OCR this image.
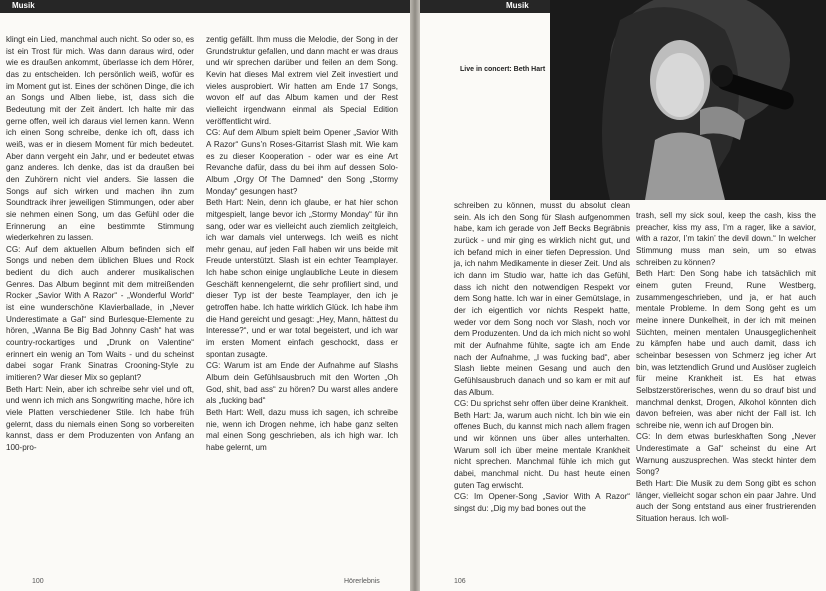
Musik

klingt ein Lied, manchmal auch nicht. So oder so, es ist ein Trost für mich. Was dann daraus wird, oder wie es draußen ankommt, überlasse ich dem Hörer, das zu entscheiden. Ich persönlich weiß, wofür es im Moment gut ist. Eines der schönen Dinge, die ich an Songs und Alben liebe, ist, dass sich die Bedeutung mit der Zeit ändert. Ich halte mir das gerne offen, weil ich daraus viel lernen kann. Wenn ich einen Song schreibe, denke ich oft, dass ich weiß, was er in diesem Moment für mich bedeutet. Aber dann vergeht ein Jahr, und er bedeutet etwas ganz anderes. Ich denke, das ist da draußen bei den Zuhörern nicht viel anders. Sie lassen die Songs auf sich wirken und machen ihn zum Soundtrack ihrer jeweiligen Stimmungen, oder aber sie nehmen einen Song, um das Gefühl oder die Erinnerung an eine bestimmte Stimmung wiederkehren zu lassen.

CG: Auf dem aktuellen Album befinden sich elf Songs und neben dem üblichen Blues und Rock bedient du dich auch anderer musikalischen Genres. Das Album beginnt mit dem mitreißenden Rocker „Savior With A Razor“ - „Wonderful World“ ist eine wunderschöne Klavierballade, in „Never Underestimate a Gal“ sind Burlesque-Elemente zu hören, „Wanna Be Big Bad Johnny Cash“ hat was country-rockartiges und „Drunk on Valentine“ erinnert ein wenig an Tom Waits - und du scheinst dabei sogar Frank Sinatras Crooning-Style zu imitieren? War dieser Mix so geplant?

Beth Hart: Nein, aber ich schreibe sehr viel und oft, und wenn ich mich ans Songwriting mache, höre ich viele Platten verschiedener Stile. Ich habe früh gelernt, dass du niemals einen Song so vorbereiten kannst, dass er dem Produzenten von Anfang an 100-pro-

zentig gefällt. Ihm muss die Melodie, der Song in der Grundstruktur gefallen, und dann macht er was draus und wir sprechen darüber und feilen an dem Song. Kevin hat dieses Mal extrem viel Zeit investiert und vieles ausprobiert. Wir hatten am Ende 17 Songs, wovon elf auf das Album kamen und der Rest vielleicht irgendwann einmal als Special Edition veröffentlicht wird.

CG: Auf dem Album spielt beim Opener „Savior With A Razor“ Guns’n Roses-Gitarrist Slash mit. Wie kam es zu dieser Kooperation - oder war es eine Art Revanche dafür, dass du bei ihm auf dessen Solo-Album „Orgy Of The Damned“ den Song „Stormy Monday“ gesungen hast?

Beth Hart: Nein, denn ich glaube, er hat hier schon mitgespielt, lange bevor ich „Stormy Monday“ für ihn sang, oder war es vielleicht auch ziemlich zeitgleich, ich war damals viel unterwegs. Ich weiß es nicht mehr genau, auf jeden Fall haben wir uns beide mit Freude unterstützt. Slash ist ein echter Teamplayer. Ich habe schon einige unglaubliche Leute in diesem Geschäft kennengelernt, die sehr profiliert sind, und dieser Typ ist der beste Teamplayer, den ich je getroffen habe. Ich hatte wirklich Glück. Ich habe ihm die Hand gereicht und gesagt: „Hey, Mann, hättest du Interesse?“, und er war total begeistert, und ich war im ersten Moment einfach geschockt, dass er spontan zusagte.

CG: Warum ist am Ende der Aufnahme auf Slashs Album dein Gefühlsausbruch mit den Worten „Oh God, shit, bad ass“ zu hören? Du warst alles andere als „fucking bad“

Beth Hart: Well, dazu muss ich sagen, ich schreibe nie, wenn ich Drogen nehme, ich habe ganz selten mal einen Song geschrieben, als ich high war. Ich habe gelernt, um

100	Hörerlebnis
Musik
Live in concert: Beth Hart

schreiben zu können, musst du absolut clean sein. Als ich den Song für Slash aufgenommen habe, kam ich gerade von Jeff Becks Begräbnis zurück - und mir ging es wirklich nicht gut, und ich befand mich in einer tiefen Depression. Und ja, ich nahm Medikamente in dieser Zeit. Und als ich dann im Studio war, hatte ich das Gefühl, dass ich nicht den notwendigen Respekt vor dem Song hatte. Ich war in einer Gemütslage, in der ich eigentlich vor nichts Respekt hatte, weder vor dem Song noch vor Slash, noch vor dem Produzenten. Und da ich mich nicht so wohl mit der Aufnahme fühlte, sagte ich am Ende nach der Aufnahme, „I was fucking bad“, aber Slash liebte meinen Gesang und auch den Gefühlsausbruch danach und so kam er mit auf das Album.

CG: Du sprichst sehr offen über deine Krankheit.

Beth Hart: Ja, warum auch nicht. Ich bin wie ein offenes Buch, du kannst mich nach allem fragen und wir können uns über alles unterhalten. Warum soll ich über meine mentale Krankheit nicht sprechen. Manchmal fühle ich mich gut dabei, manchmal nicht. Du hast heute einen guten Tag erwischt.

CG: Im Opener-Song „Savior With A Razor“ singst du: „Dig my bad bones out the

trash, sell my sick soul, keep the cash, kiss the preacher, kiss my ass, I’m a rager, like a savior, with a razor, I’m takin’ the devil down.“ In welcher Stimmung muss man sein, um so etwas schreiben zu können?

Beth Hart: Den Song habe ich tatsächlich mit einem guten Freund, Rune Westberg, zusammengeschrieben, und ja, er hat auch mentale Probleme. In dem Song geht es um meine innere Dunkelheit, in der ich mit meinen Süchten, meinen mentalen Unausgeglichenheit zu kämpfen habe und auch damit, dass ich scheinbar besessen von Schmerz jeg icher Art bin, was letztendlich Grund und Auslöser zugleich für meine Krankheit ist. Es hat etwas Selbstzerstörerisches, wenn du so drauf bist und manchmal denkst, Drogen, Alkohol könnten dich davon befreien, was aber nicht der Fall ist. Ich schreibe nie, wenn ich auf Drogen bin.

CG: In dem etwas burleskhaften Song „Never Underestimate a Gal“ scheinst du eine Art Warnung auszusprechen. Was steckt hinter dem Song?

Beth Hart: Die Musik zu dem Song gibt es schon länger, vielleicht sogar schon ein paar Jahre. Und auch der Song entstand aus einer frustrierenden Situation heraus. Ich woll-

106
